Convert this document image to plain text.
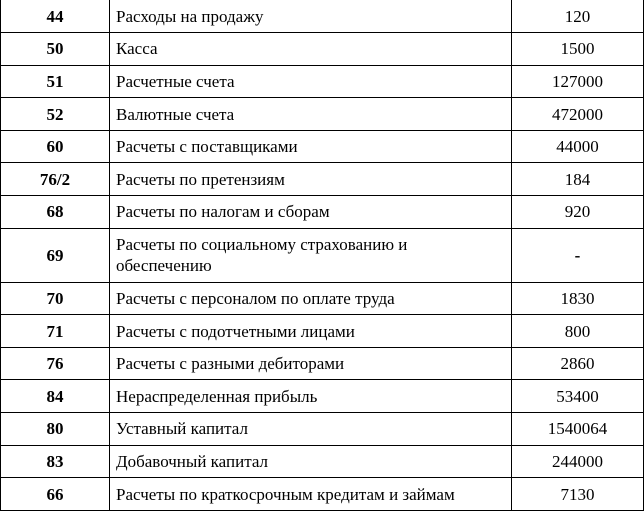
44	Расходы на продажу	120
50	Касса	1500
51	Расчетные счета	127000
52	Валютные счета	472000
60	Расчеты с поставщиками	44000
76/2	Расчеты по претензиям	184
68	Расчеты по налогам и сборам	920
69	Расчеты по социальному страхованию и обеспечению	-
70	Расчеты с персоналом по оплате труда	1830
71	Расчеты с подотчетными лицами	800
76	Расчеты с разными дебиторами	2860
84	Нераспределенная прибыль	53400
80	Уставный капитал	1540064
83	Добавочный капитал	244000
66	Расчеты по краткосрочным кредитам и займам	7130
